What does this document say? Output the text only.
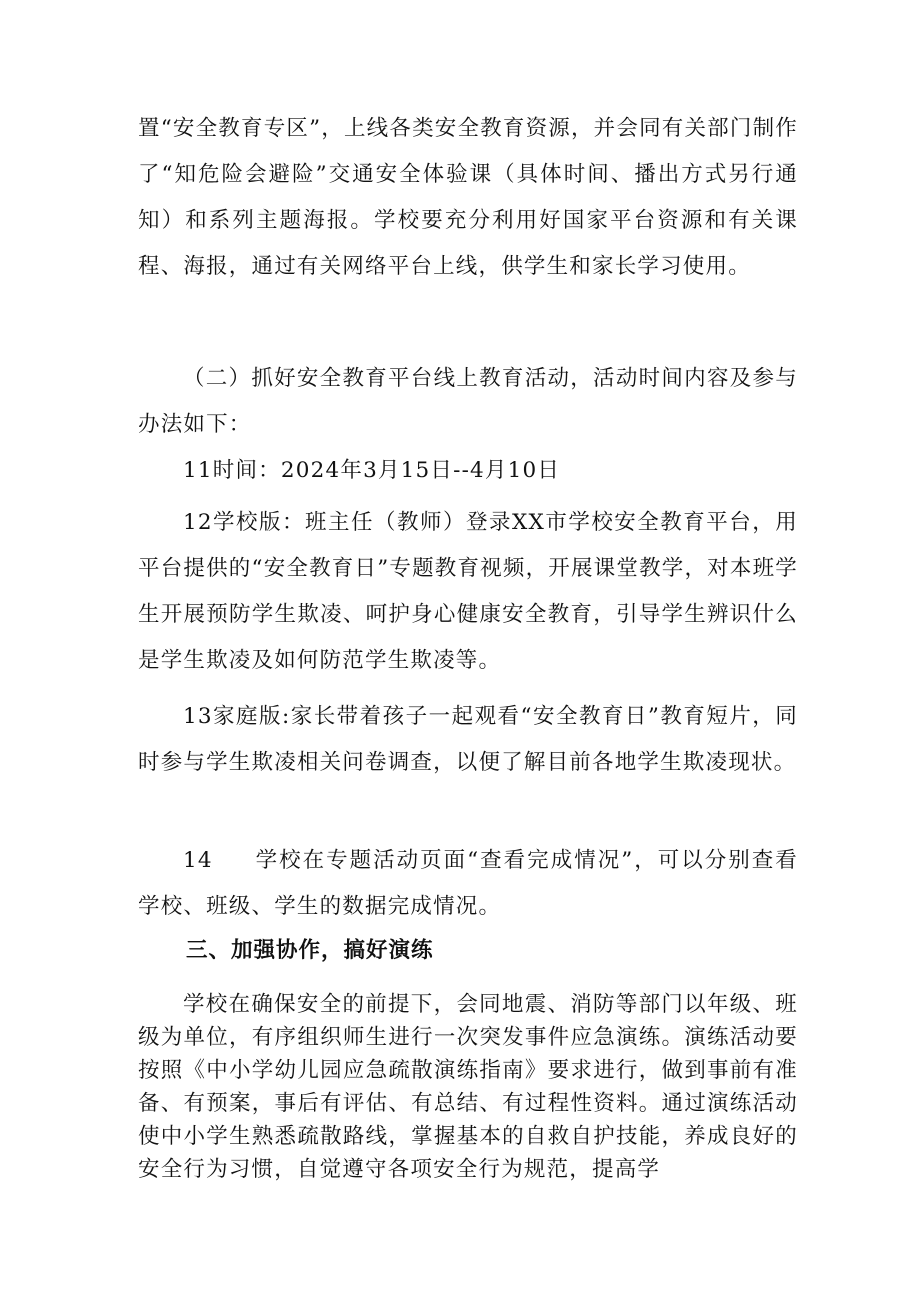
置“安全教育专区”，上线各类安全教育资源，并会同有关部门制作了“知危险会避险”交通安全体验课（具体时间、播出方式另行通知）和系列主题海报。学校要充分利用好国家平台资源和有关课程、海报，通过有关网络平台上线，供学生和家长学习使用。

（二）抓好安全教育平台线上教育活动，活动时间内容及参与办法如下：

11时间：2024年3月15日--4月10日

12学校版：班主任（教师）登录XX市学校安全教育平台，用平台提供的“安全教育日”专题教育视频，开展课堂教学，对本班学生开展预防学生欺凌、呵护身心健康安全教育，引导学生辨识什么是学生欺凌及如何防范学生欺凌等。

13家庭版:家长带着孩子一起观看“安全教育日”教育短片，同时参与学生欺凌相关问卷调查，以便了解目前各地学生欺凌现状。

14 学校在专题活动页面“查看完成情况”，可以分别查看学校、班级、学生的数据完成情况。

三、加强协作，搞好演练

学校在确保安全的前提下，会同地震、消防等部门以年级、班级为单位，有序组织师生进行一次突发事件应急演练。演练活动要按照《中小学幼儿园应急疏散演练指南》要求进行，做到事前有准备、有预案，事后有评估、有总结、有过程性资料。通过演练活动使中小学生熟悉疏散路线，掌握基本的自救自护技能，养成良好的安全行为习惯，自觉遵守各项安全行为规范，提高学
